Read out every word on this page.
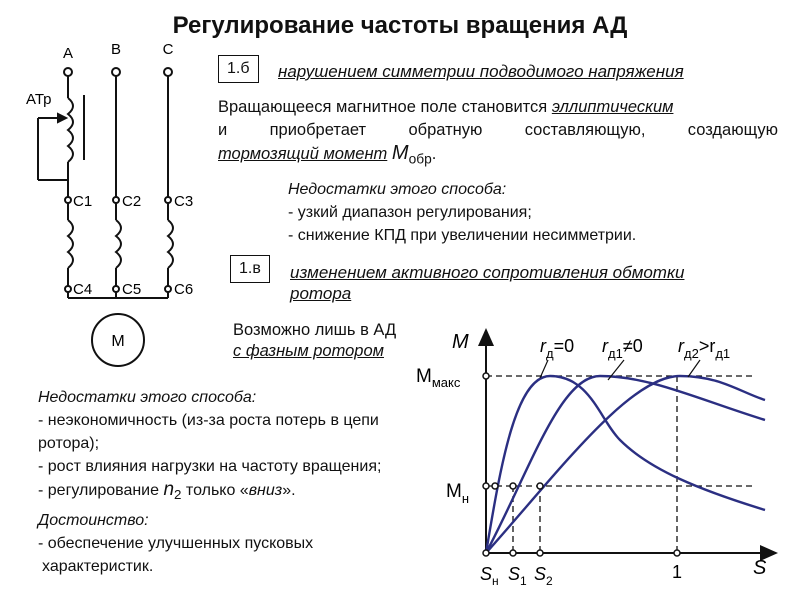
Регулирование частоты вращения АД
A	B	C
АТр
C1 C2 C3
C4 C5 C6
M
1.б	нарушением симметрии подводимого напряжения
Вращающееся магнитное поле становится эллиптическим
и приобретает обратную составляющую, создающую
тормозящий момент $M_{обр}$.
Недостатки этого способа:
- узкий диапазон регулирования;
- снижение КПД при увеличении несимметрии.
1.в	изменением активного сопротивления обмотки
ротора
Возможно лишь в АД
с фазным ротором
Недостатки этого способа:
- неэкономичность (из-за роста потерь в цепи
ротора);
- рост влияния нагрузки на частоту вращения;
- регулирование $n_2$ только «вниз».
Достоинство:
- обеспечение улучшенных пусковых
характеристик.
M
S
$M_{макс}$
$M_н$
$S_н$ $S_1$ $S_2$	1
$r_д=0$ $r_{д1}\ne 0$ $r_{д2}>r_{д1}$
